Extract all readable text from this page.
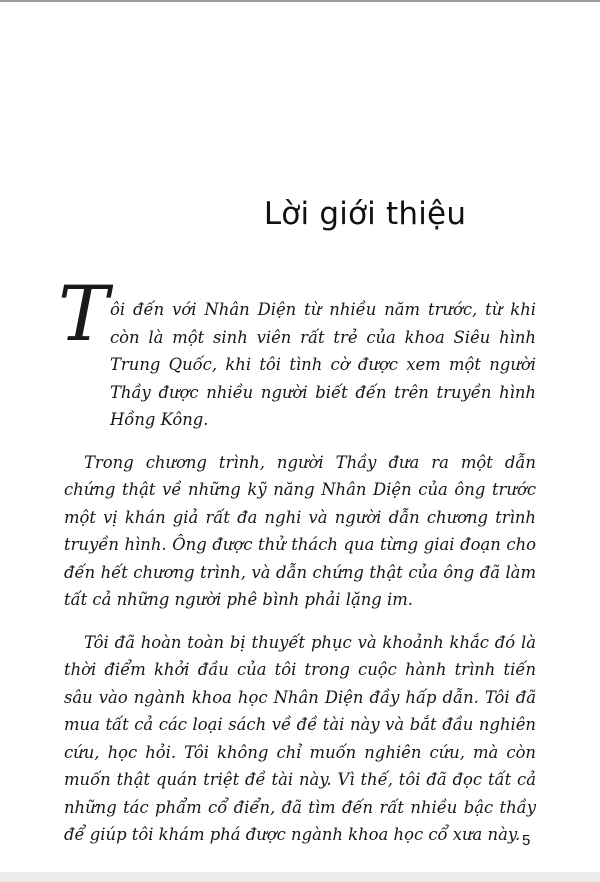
Lời giới thiệu

T ôi đến với Nhân Diện từ nhiều năm trước, từ khi còn là một sinh viên rất trẻ của khoa Siêu hình Trung Quốc, khi tôi tình cờ được xem một người Thầy được nhiều người biết đến trên truyền hình Hồng Kông.

Trong chương trình, người Thầy đưa ra một dẫn chứng thật về những kỹ năng Nhân Diện của ông trước một vị khán giả rất đa nghi và người dẫn chương trình truyền hình. Ông được thử thách qua từng giai đoạn cho đến hết chương trình, và dẫn chứng thật của ông đã làm tất cả những người phê bình phải lặng im.

Tôi đã hoàn toàn bị thuyết phục và khoảnh khắc đó là thời điểm khởi đầu của tôi trong cuộc hành trình tiến sâu vào ngành khoa học Nhân Diện đầy hấp dẫn. Tôi đã mua tất cả các loại sách về đề tài này và bắt đầu nghiên cứu, học hỏi. Tôi không chỉ muốn nghiên cứu, mà còn muốn thật quán triệt đề tài này. Vì thế, tôi đã đọc tất cả những tác phẩm cổ điển, đã tìm đến rất nhiều bậc thầy để giúp tôi khám phá được ngành khoa học cổ xưa này. 5
